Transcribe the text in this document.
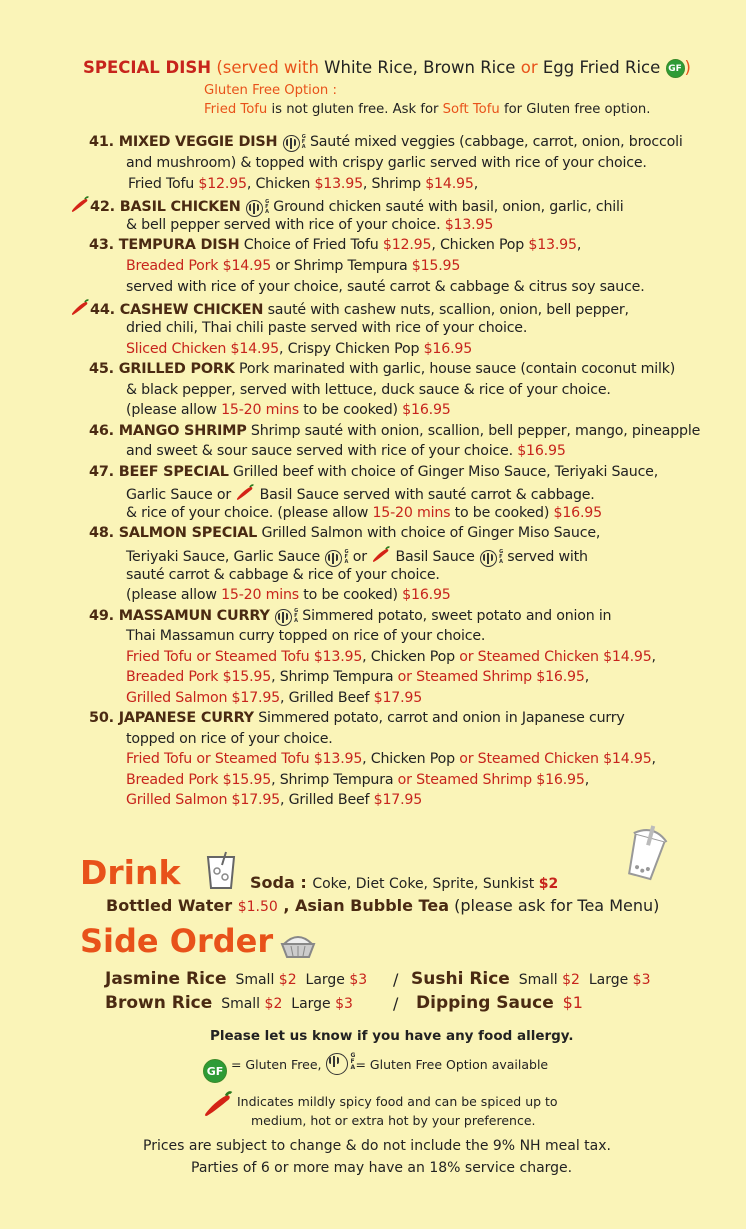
SPECIAL DISH (served with White Rice, Brown Rice or Egg Fried Rice GF )
Gluten Free Option :
Fried Tofu is not gluten free. Ask for Soft Tofu for Gluten free option.
41. MIXED VEGGIE DISH	G
F
A Sauté mixed veggies (cabbage, carrot, onion, broccoli
and mushroom) & topped with crispy garlic served with rice of your choice.
Fried Tofu $12.95, Chicken $13.95, Shrimp $14.95,
42. BASIL CHICKEN	G
F
A Ground chicken sauté with basil, onion, garlic, chili
& bell pepper served with rice of your choice. $13.95
43. TEMPURA DISH Choice of Fried Tofu $12.95, Chicken Pop $13.95,
Breaded Pork $14.95 or Shrimp Tempura $15.95
served with rice of your choice, sauté carrot & cabbage & citrus soy sauce.
44. CASHEW CHICKEN sauté with cashew nuts, scallion, onion, bell pepper,
dried chili, Thai chili paste served with rice of your choice.
Sliced Chicken $14.95, Crispy Chicken Pop $16.95
45. GRILLED PORK Pork marinated with garlic, house sauce (contain coconut milk)
& black pepper, served with lettuce, duck sauce & rice of your choice.
(please allow 15-20 mins to be cooked) $16.95
46. MANGO SHRIMP Shrimp sauté with onion, scallion, bell pepper, mango, pineapple
and sweet & sour sauce served with rice of your choice. $16.95
47. BEEF SPECIAL Grilled beef with choice of Ginger Miso Sauce, Teriyaki Sauce,
Garlic Sauce or  Basil Sauce served with sauté carrot & cabbage.
& rice of your choice. (please allow 15-20 mins to be cooked) $16.95
48. SALMON SPECIAL Grilled Salmon with choice of Ginger Miso Sauce,
Teriyaki Sauce, Garlic Sauce	G
F
A or  Basil Sauce	G
F
A served with
sauté carrot & cabbage & rice of your choice.
(please allow 15-20 mins to be cooked) $16.95
49. MASSAMUN CURRY	G
F
A Simmered potato, sweet potato and onion in
Thai Massamun curry topped on rice of your choice.
Fried Tofu or Steamed Tofu $13.95, Chicken Pop or Steamed Chicken $14.95,
Breaded Pork $15.95, Shrimp Tempura or Steamed Shrimp $16.95,
Grilled Salmon $17.95, Grilled Beef $17.95
50. JAPANESE CURRY Simmered potato, carrot and onion in Japanese curry
topped on rice of your choice.
Fried Tofu or Steamed Tofu $13.95, Chicken Pop or Steamed Chicken $14.95,
Breaded Pork $15.95, Shrimp Tempura or Steamed Shrimp $16.95,
Grilled Salmon $17.95, Grilled Beef $17.95
Drink	Soda : Coke, Diet Coke, Sprite, Sunkist $2
Bottled Water $1.50 , Asian Bubble Tea (please ask for Tea Menu)
Side Order
Jasmine Rice Small $2 Large $3 / Sushi Rice Small $2 Large $3
Brown Rice Small $2 Large $3	/ Dipping Sauce $1
Please let us know if you have any food allergy.
GF = Gluten Free,
G
F
A = Gluten Free Option available
Indicates mildly spicy food and can be spiced up to
medium, hot or extra hot by your preference.
Prices are subject to change & do not include the 9% NH meal tax.
Parties of 6 or more may have an 18% service charge.
